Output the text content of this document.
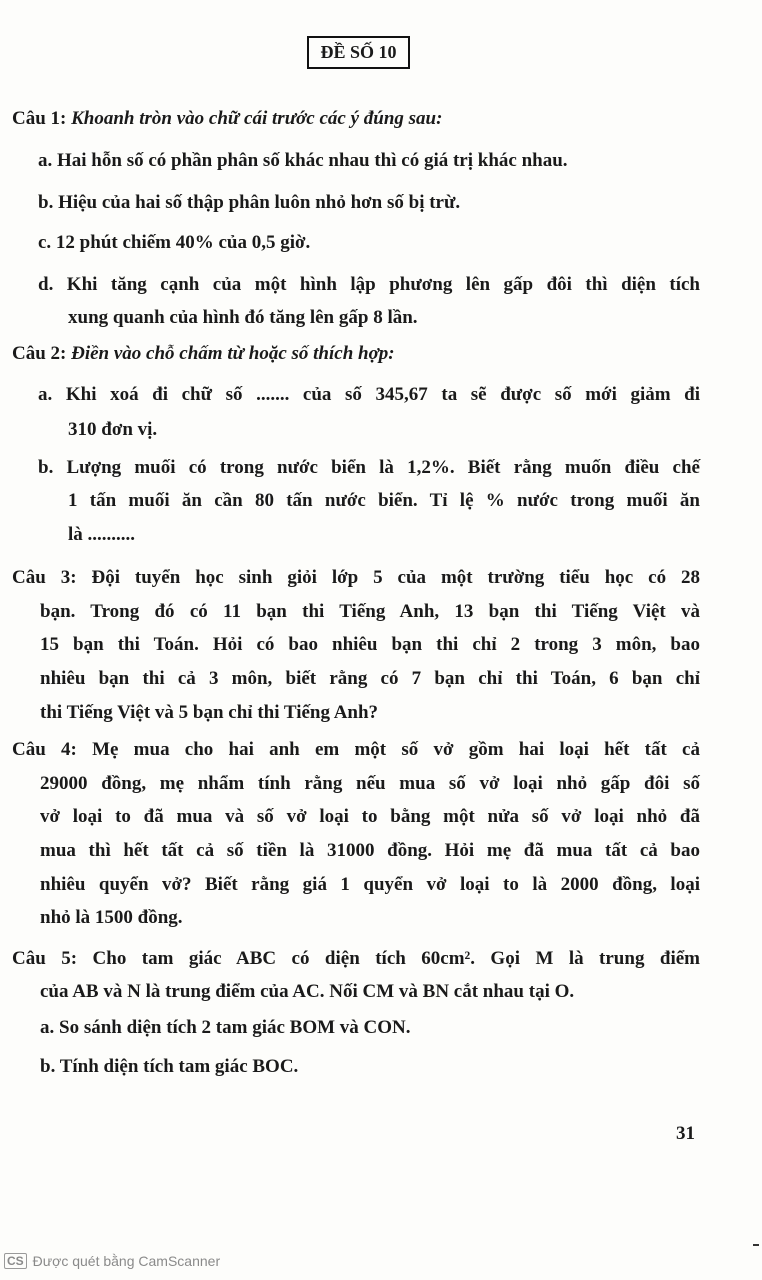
ĐỀ SỐ 10
Câu 1: Khoanh tròn vào chữ cái trước các ý đúng sau:
a. Hai hỗn số có phần phân số khác nhau thì có giá trị khác nhau.
b. Hiệu của hai số thập phân luôn nhỏ hơn số bị trừ.
c. 12 phút chiếm 40% của 0,5 giờ.
d. Khi tăng cạnh của một hình lập phương lên gấp đôi thì diện tích
xung quanh của hình đó tăng lên gấp 8 lần.
Câu 2: Điền vào chỗ chấm từ hoặc số thích hợp:
a. Khi xoá đi chữ số ....... của số 345,67 ta sẽ được số mới giảm đi
310 đơn vị.
b. Lượng muối có trong nước biển là 1,2%. Biết rằng muốn điều chế
1 tấn muối ăn cần 80 tấn nước biển. Tỉ lệ % nước trong muối ăn
là ..........
Câu 3: Đội tuyển học sinh giỏi lớp 5 của một trường tiểu học có 28
bạn. Trong đó có 11 bạn thi Tiếng Anh, 13 bạn thi Tiếng Việt và
15 bạn thi Toán. Hỏi có bao nhiêu bạn thi chỉ 2 trong 3 môn, bao
nhiêu bạn thi cả 3 môn, biết rằng có 7 bạn chỉ thi Toán, 6 bạn chỉ
thi Tiếng Việt và 5 bạn chỉ thi Tiếng Anh?
Câu 4: Mẹ mua cho hai anh em một số vở gồm hai loại hết tất cả
29000 đồng, mẹ nhẩm tính rằng nếu mua số vở loại nhỏ gấp đôi số
vở loại to đã mua và số vở loại to bằng một nửa số vở loại nhỏ đã
mua thì hết tất cả số tiền là 31000 đồng. Hỏi mẹ đã mua tất cả bao
nhiêu quyển vở? Biết rằng giá 1 quyển vở loại to là 2000 đồng, loại
nhỏ là 1500 đồng.
Câu 5: Cho tam giác ABC có diện tích 60cm². Gọi M là trung điểm
của AB và N là trung điểm của AC. Nối CM và BN cắt nhau tại O.
a. So sánh diện tích 2 tam giác BOM và CON.
b. Tính diện tích tam giác BOC.
31
CS Được quét bằng CamScanner
